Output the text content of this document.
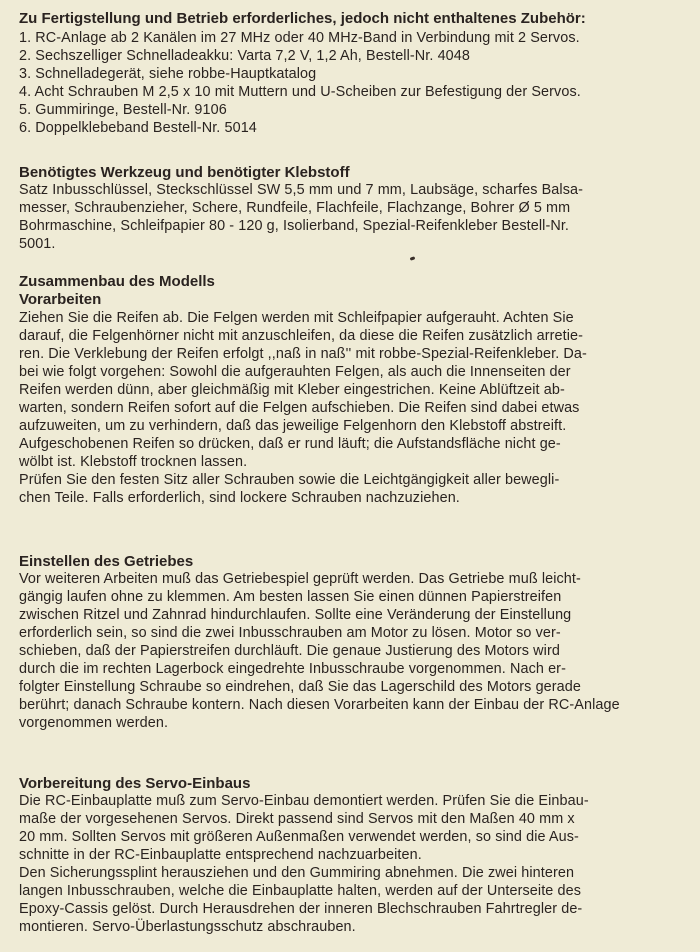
Zu Fertigstellung und Betrieb erforderliches, jedoch nicht enthaltenes Zubehör:

1. RC-Anlage ab 2 Kanälen im 27 MHz oder 40 MHz-Band in Verbindung mit 2 Servos.

2. Sechszelliger Schnelladeakku: Varta 7,2 V, 1,2 Ah, Bestell-Nr. 4048

3. Schnelladegerät, siehe robbe-Hauptkatalog

4. Acht Schrauben M 2,5 x 10 mit Muttern und U-Scheiben zur Befestigung der Servos.

5. Gummiringe, Bestell-Nr. 9106

6. Doppelklebeband Bestell-Nr. 5014

Benötigtes Werkzeug und benötigter Klebstoff

Satz Inbusschlüssel, Steckschlüssel SW 5,5 mm und 7 mm, Laubsäge, scharfes Balsa-

messer, Schraubenzieher, Schere, Rundfeile, Flachfeile, Flachzange, Bohrer Ø 5 mm

Bohrmaschine, Schleifpapier 80 - 120 g, Isolierband, Spezial-Reifenkleber Bestell-Nr.

5001.

Zusammenbau des Modells
Vorarbeiten

Ziehen Sie die Reifen ab. Die Felgen werden mit Schleifpapier aufgerauht. Achten Sie

darauf, die Felgenhörner nicht mit anzuschleifen, da diese die Reifen zusätzlich arretie-

ren. Die Verklebung der Reifen erfolgt ,,naß in naß'' mit robbe-Spezial-Reifenkleber. Da-

bei wie folgt vorgehen: Sowohl die aufgerauhten Felgen, als auch die Innenseiten der

Reifen werden dünn, aber gleichmäßig mit Kleber eingestrichen. Keine Ablüftzeit ab-

warten, sondern Reifen sofort auf die Felgen aufschieben. Die Reifen sind dabei etwas

aufzuweiten, um zu verhindern, daß das jeweilige Felgenhorn den Klebstoff abstreift.

Aufgeschobenen Reifen so drücken, daß er rund läuft; die Aufstandsfläche nicht ge-

wölbt ist. Klebstoff trocknen lassen.

Prüfen Sie den festen Sitz aller Schrauben sowie die Leichtgängigkeit aller bewegli-

chen Teile. Falls erforderlich, sind lockere Schrauben nachzuziehen.

Einstellen des Getriebes

Vor weiteren Arbeiten muß das Getriebespiel geprüft werden. Das Getriebe muß leicht-

gängig laufen ohne zu klemmen. Am besten lassen Sie einen dünnen Papierstreifen

zwischen Ritzel und Zahnrad hindurchlaufen. Sollte eine Veränderung der Einstellung

erforderlich sein, so sind die zwei Inbusschrauben am Motor zu lösen. Motor so ver-

schieben, daß der Papierstreifen durchläuft. Die genaue Justierung des Motors wird

durch die im rechten Lagerbock eingedrehte Inbusschraube vorgenommen. Nach er-

folgter Einstellung Schraube so eindrehen, daß Sie das Lagerschild des Motors gerade

berührt; danach Schraube kontern. Nach diesen Vorarbeiten kann der Einbau der RC-Anlage

vorgenommen werden.

Vorbereitung des Servo-Einbaus

Die RC-Einbauplatte muß zum Servo-Einbau demontiert werden. Prüfen Sie die Einbau-

maße der vorgesehenen Servos. Direkt passend sind Servos mit den Maßen 40 mm x

20 mm. Sollten Servos mit größeren Außenmaßen verwendet werden, so sind die Aus-

schnitte in der RC-Einbauplatte entsprechend nachzuarbeiten.

Den Sicherungssplint herausziehen und den Gummiring abnehmen. Die zwei hinteren

langen Inbusschrauben, welche die Einbauplatte halten, werden auf der Unterseite des

Epoxy-Cassis gelöst. Durch Herausdrehen der inneren Blechschrauben Fahrtregler de-

montieren. Servo-Überlastungsschutz abschrauben.
